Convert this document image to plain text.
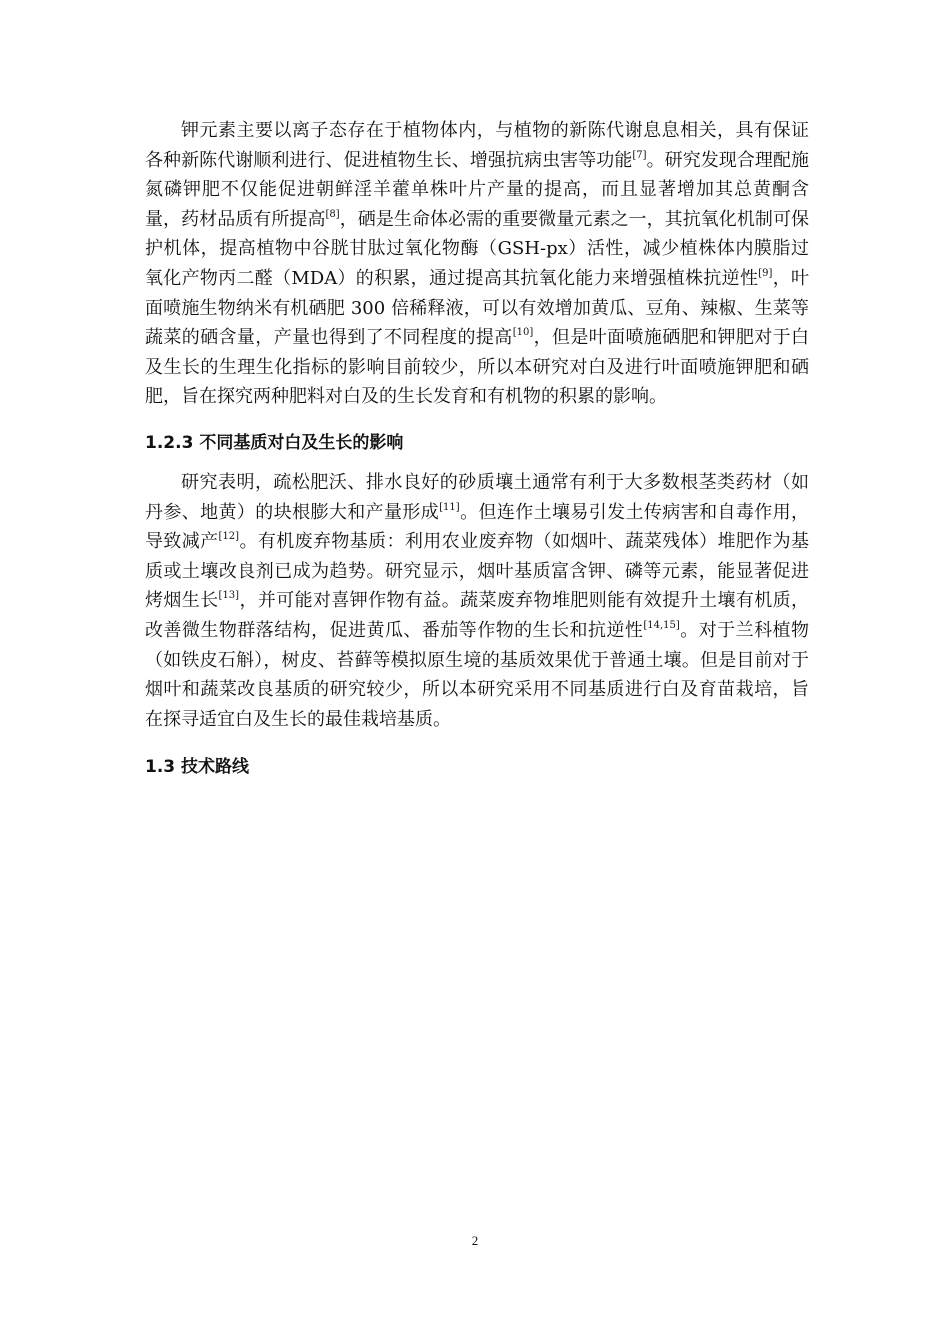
钾元素主要以离子态存在于植物体内，与植物的新陈代谢息息相关，具有保证各种新陈代谢顺利进行、促进植物生长、增强抗病虫害等功能[7]。研究发现合理配施氮磷钾肥不仅能促进朝鲜淫羊藿单株叶片产量的提高，而且显著增加其总黄酮含量，药材品质有所提高[8]，硒是生命体必需的重要微量元素之一，其抗氧化机制可保护机体，提高植物中谷胱甘肽过氧化物酶（GSH-px）活性，减少植株体内膜脂过氧化产物丙二醛（MDA）的积累，通过提高其抗氧化能力来增强植株抗逆性[9]，叶面喷施生物纳米有机硒肥 300 倍稀释液，可以有效增加黄瓜、豆角、辣椒、生菜等蔬菜的硒含量，产量也得到了不同程度的提高[10]，但是叶面喷施硒肥和钾肥对于白及生长的生理生化指标的影响目前较少，所以本研究对白及进行叶面喷施钾肥和硒肥，旨在探究两种肥料对白及的生长发育和有机物的积累的影响。

1.2.3 不同基质对白及生长的影响

研究表明，疏松肥沃、排水良好的砂质壤土通常有利于大多数根茎类药材（如丹参、地黄）的块根膨大和产量形成[11]。但连作土壤易引发土传病害和自毒作用，导致减产[12]。有机废弃物基质：利用农业废弃物（如烟叶、蔬菜残体）堆肥作为基质或土壤改良剂已成为趋势。研究显示，烟叶基质富含钾、磷等元素，能显著促进烤烟生长[13]，并可能对喜钾作物有益。蔬菜废弃物堆肥则能有效提升土壤有机质，改善微生物群落结构，促进黄瓜、番茄等作物的生长和抗逆性[14,15]。对于兰科植物（如铁皮石斛），树皮、苔藓等模拟原生境的基质效果优于普通土壤。但是目前对于烟叶和蔬菜改良基质的研究较少，所以本研究采用不同基质进行白及育苗栽培，旨在探寻适宜白及生长的最佳栽培基质。

1.3 技术路线
2
